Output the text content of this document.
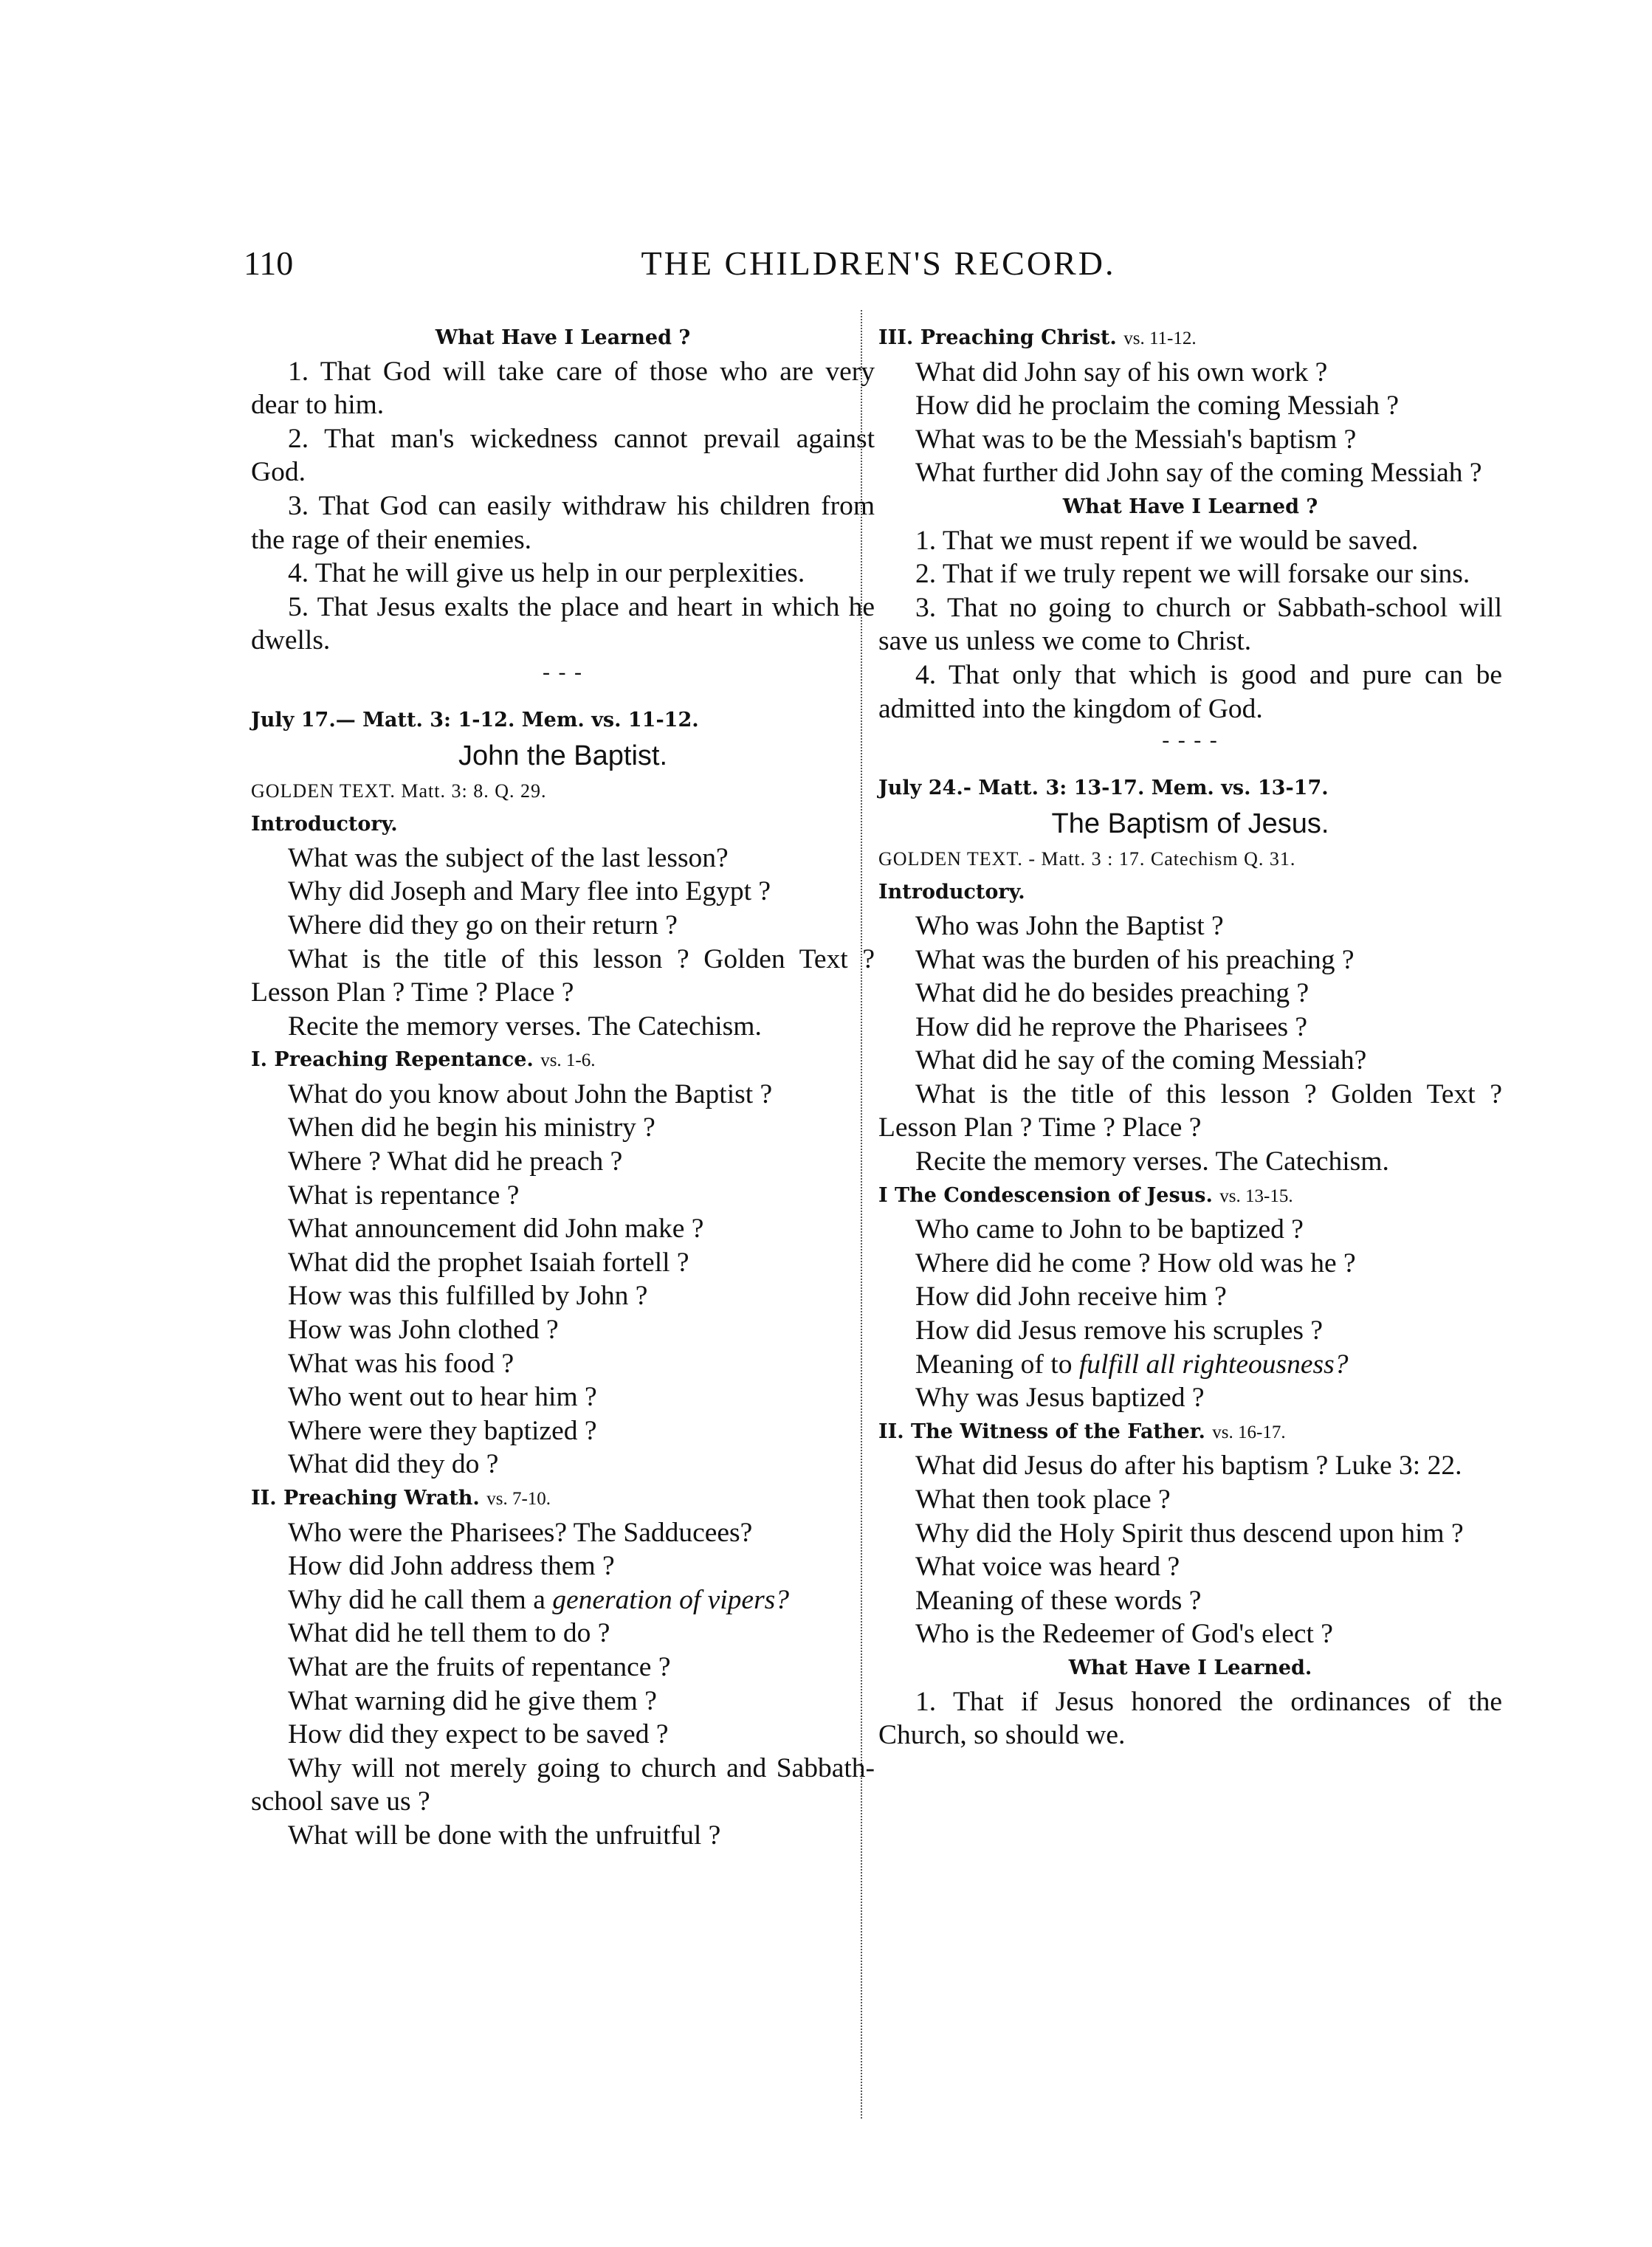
110	THE CHILDREN'S RECORD.

What Have I Learned ?

1. That God will take care of those who are very dear to him.

2. That man's wickedness cannot prevail against God.

3. That God can easily withdraw his children from the rage of their enemies.

4. That he will give us help in our perplexities.

5. That Jesus exalts the place and heart in which he dwells.

- - -

July 17.— Matt. 3: 1-12. Mem. vs. 11-12.

John the Baptist.

GOLDEN TEXT. Matt. 3: 8. Q. 29.

Introductory.

What was the subject of the last lesson?

Why did Joseph and Mary flee into Egypt ?

Where did they go on their return ?

What is the title of this lesson ? Golden Text ? Lesson Plan ? Time ? Place ?

Recite the memory verses. The Catechism.

I. Preaching Repentance. vs. 1-6.

What do you know about John the Baptist ?

When did he begin his ministry ?

Where ? What did he preach ?

What is repentance ?

What announcement did John make ?

What did the prophet Isaiah fortell ?

How was this fulfilled by John ?

How was John clothed ?

What was his food ?

Who went out to hear him ?

Where were they baptized ?

What did they do ?

II. Preaching Wrath. vs. 7-10.

Who were the Pharisees? The Sadducees?

How did John address them ?

Why did he call them a generation of vipers?

What did he tell them to do ?

What are the fruits of repentance ?

What warning did he give them ?

How did they expect to be saved ?

Why will not merely going to church and Sabbath-school save us ?

What will be done with the unfruitful ?

III. Preaching Christ. vs. 11-12.

What did John say of his own work ?

How did he proclaim the coming Messiah ?

What was to be the Messiah's baptism ?

What further did John say of the coming Messiah ?

What Have I Learned ?

1. That we must repent if we would be saved.

2. That if we truly repent we will forsake our sins.

3. That no going to church or Sabbath-school will save us unless we come to Christ.

4. That only that which is good and pure can be admitted into the kingdom of God.

- - - -

July 24.- Matt. 3: 13-17. Mem. vs. 13-17.

The Baptism of Jesus.

GOLDEN TEXT. - Matt. 3 : 17. Catechism Q. 31.

Introductory.

Who was John the Baptist ?

What was the burden of his preaching ?

What did he do besides preaching ?

How did he reprove the Pharisees ?

What did he say of the coming Messiah?

What is the title of this lesson ? Golden Text ? Lesson Plan ? Time ? Place ?

Recite the memory verses. The Catechism.

I The Condescension of Jesus. vs. 13-15.

Who came to John to be baptized ?

Where did he come ? How old was he ?

How did John receive him ?

How did Jesus remove his scruples ?

Meaning of to fulfill all righteousness?

Why was Jesus baptized ?

II. The Witness of the Father. vs. 16-17.

What did Jesus do after his baptism ? Luke 3: 22.

What then took place ?

Why did the Holy Spirit thus descend upon him ?

What voice was heard ?

Meaning of these words ?

Who is the Redeemer of God's elect ?

What Have I Learned.

1. That if Jesus honored the ordinances of the Church, so should we.
